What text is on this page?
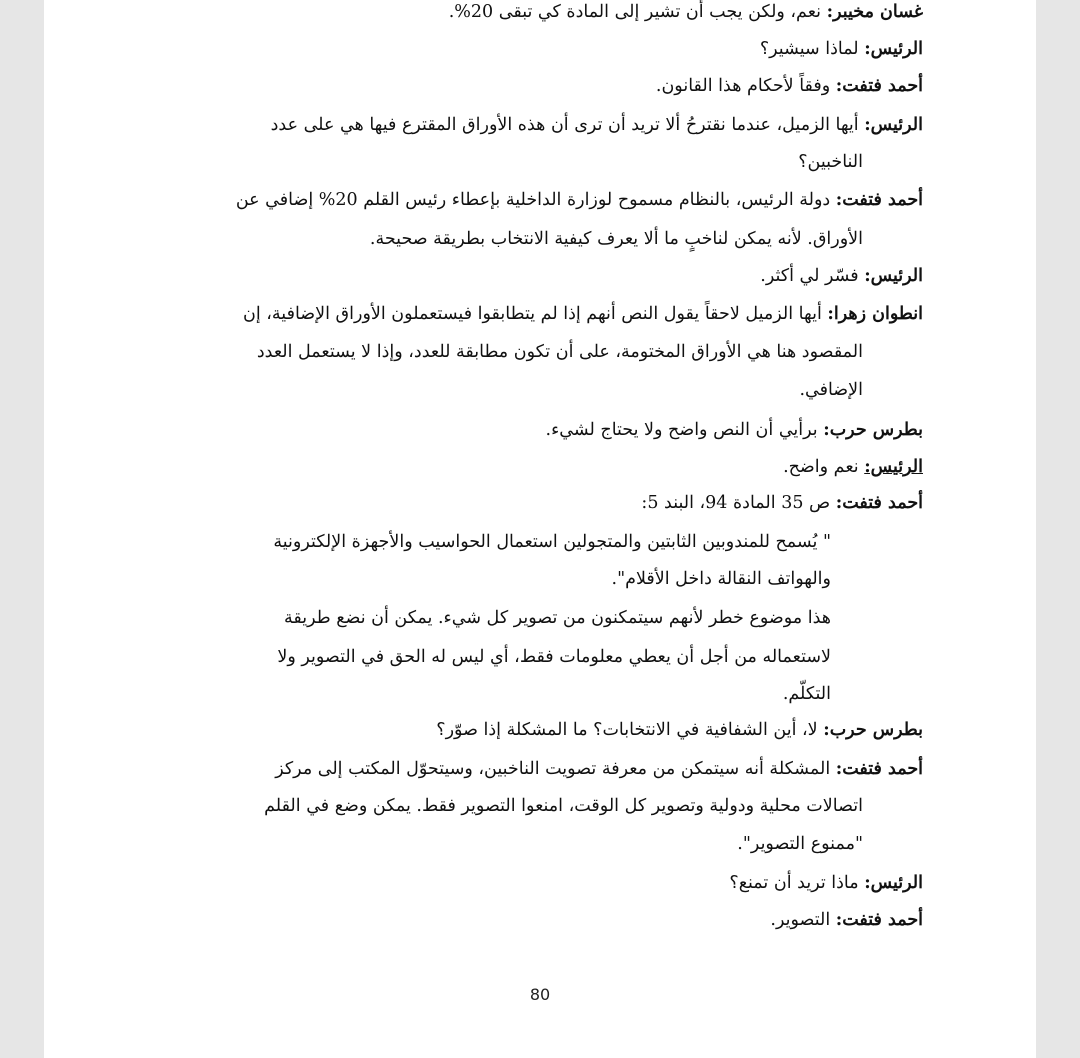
غسان مخيبر: نعم، ولكن يجب أن تشير إلى المادة كي تبقى 20%.
الرئيس: لماذا سيشير؟
أحمد فتفت: وفقاً لأحكام هذا القانون.
الرئيس: أيها الزميل، عندما نقترحُ ألا تريد أن ترى أن هذه الأوراق المقترع فيها هي على عدد
الناخبين؟
أحمد فتفت: دولة الرئيس، بالنظام مسموح لوزارة الداخلية بإعطاء رئيس القلم 20% إضافي عن
الأوراق. لأنه يمكن لناخبٍ ما ألا يعرف كيفية الانتخاب بطريقة صحيحة.
الرئيس: فسّر لي أكثر.
انطوان زهرا: أيها الزميل لاحقاً يقول النص أنهم إذا لم يتطابقوا فيستعملون الأوراق الإضافية، إن
المقصود هنا هي الأوراق المختومة، على أن تكون مطابقة للعدد، وإذا لا يستعمل العدد
الإضافي.
بطرس حرب: برأيي أن النص واضح ولا يحتاج لشيء.
الرئيس: نعم واضح.
أحمد فتفت: ص 35 المادة 94، البند 5:
" يُسمح للمندوبين الثابتين والمتجولين استعمال الحواسيب والأجهزة الإلكترونية
والهواتف النقالة داخل الأقلام".
هذا موضوع خطر لأنهم سيتمكنون من تصوير كل شيء. يمكن أن نضع طريقة
لاستعماله من أجل أن يعطي معلومات فقط، أي ليس له الحق في التصوير ولا
التكلّم.
بطرس حرب: لا، أين الشفافية في الانتخابات؟ ما المشكلة إذا صوّر؟
أحمد فتفت: المشكلة أنه سيتمكن من معرفة تصويت الناخبين، وسيتحوّل المكتب إلى مركز
اتصالات محلية ودولية وتصوير كل الوقت، امنعوا التصوير فقط. يمكن وضع في القلم
"ممنوع التصوير".
الرئيس: ماذا تريد أن تمنع؟
أحمد فتفت: التصوير.
80
